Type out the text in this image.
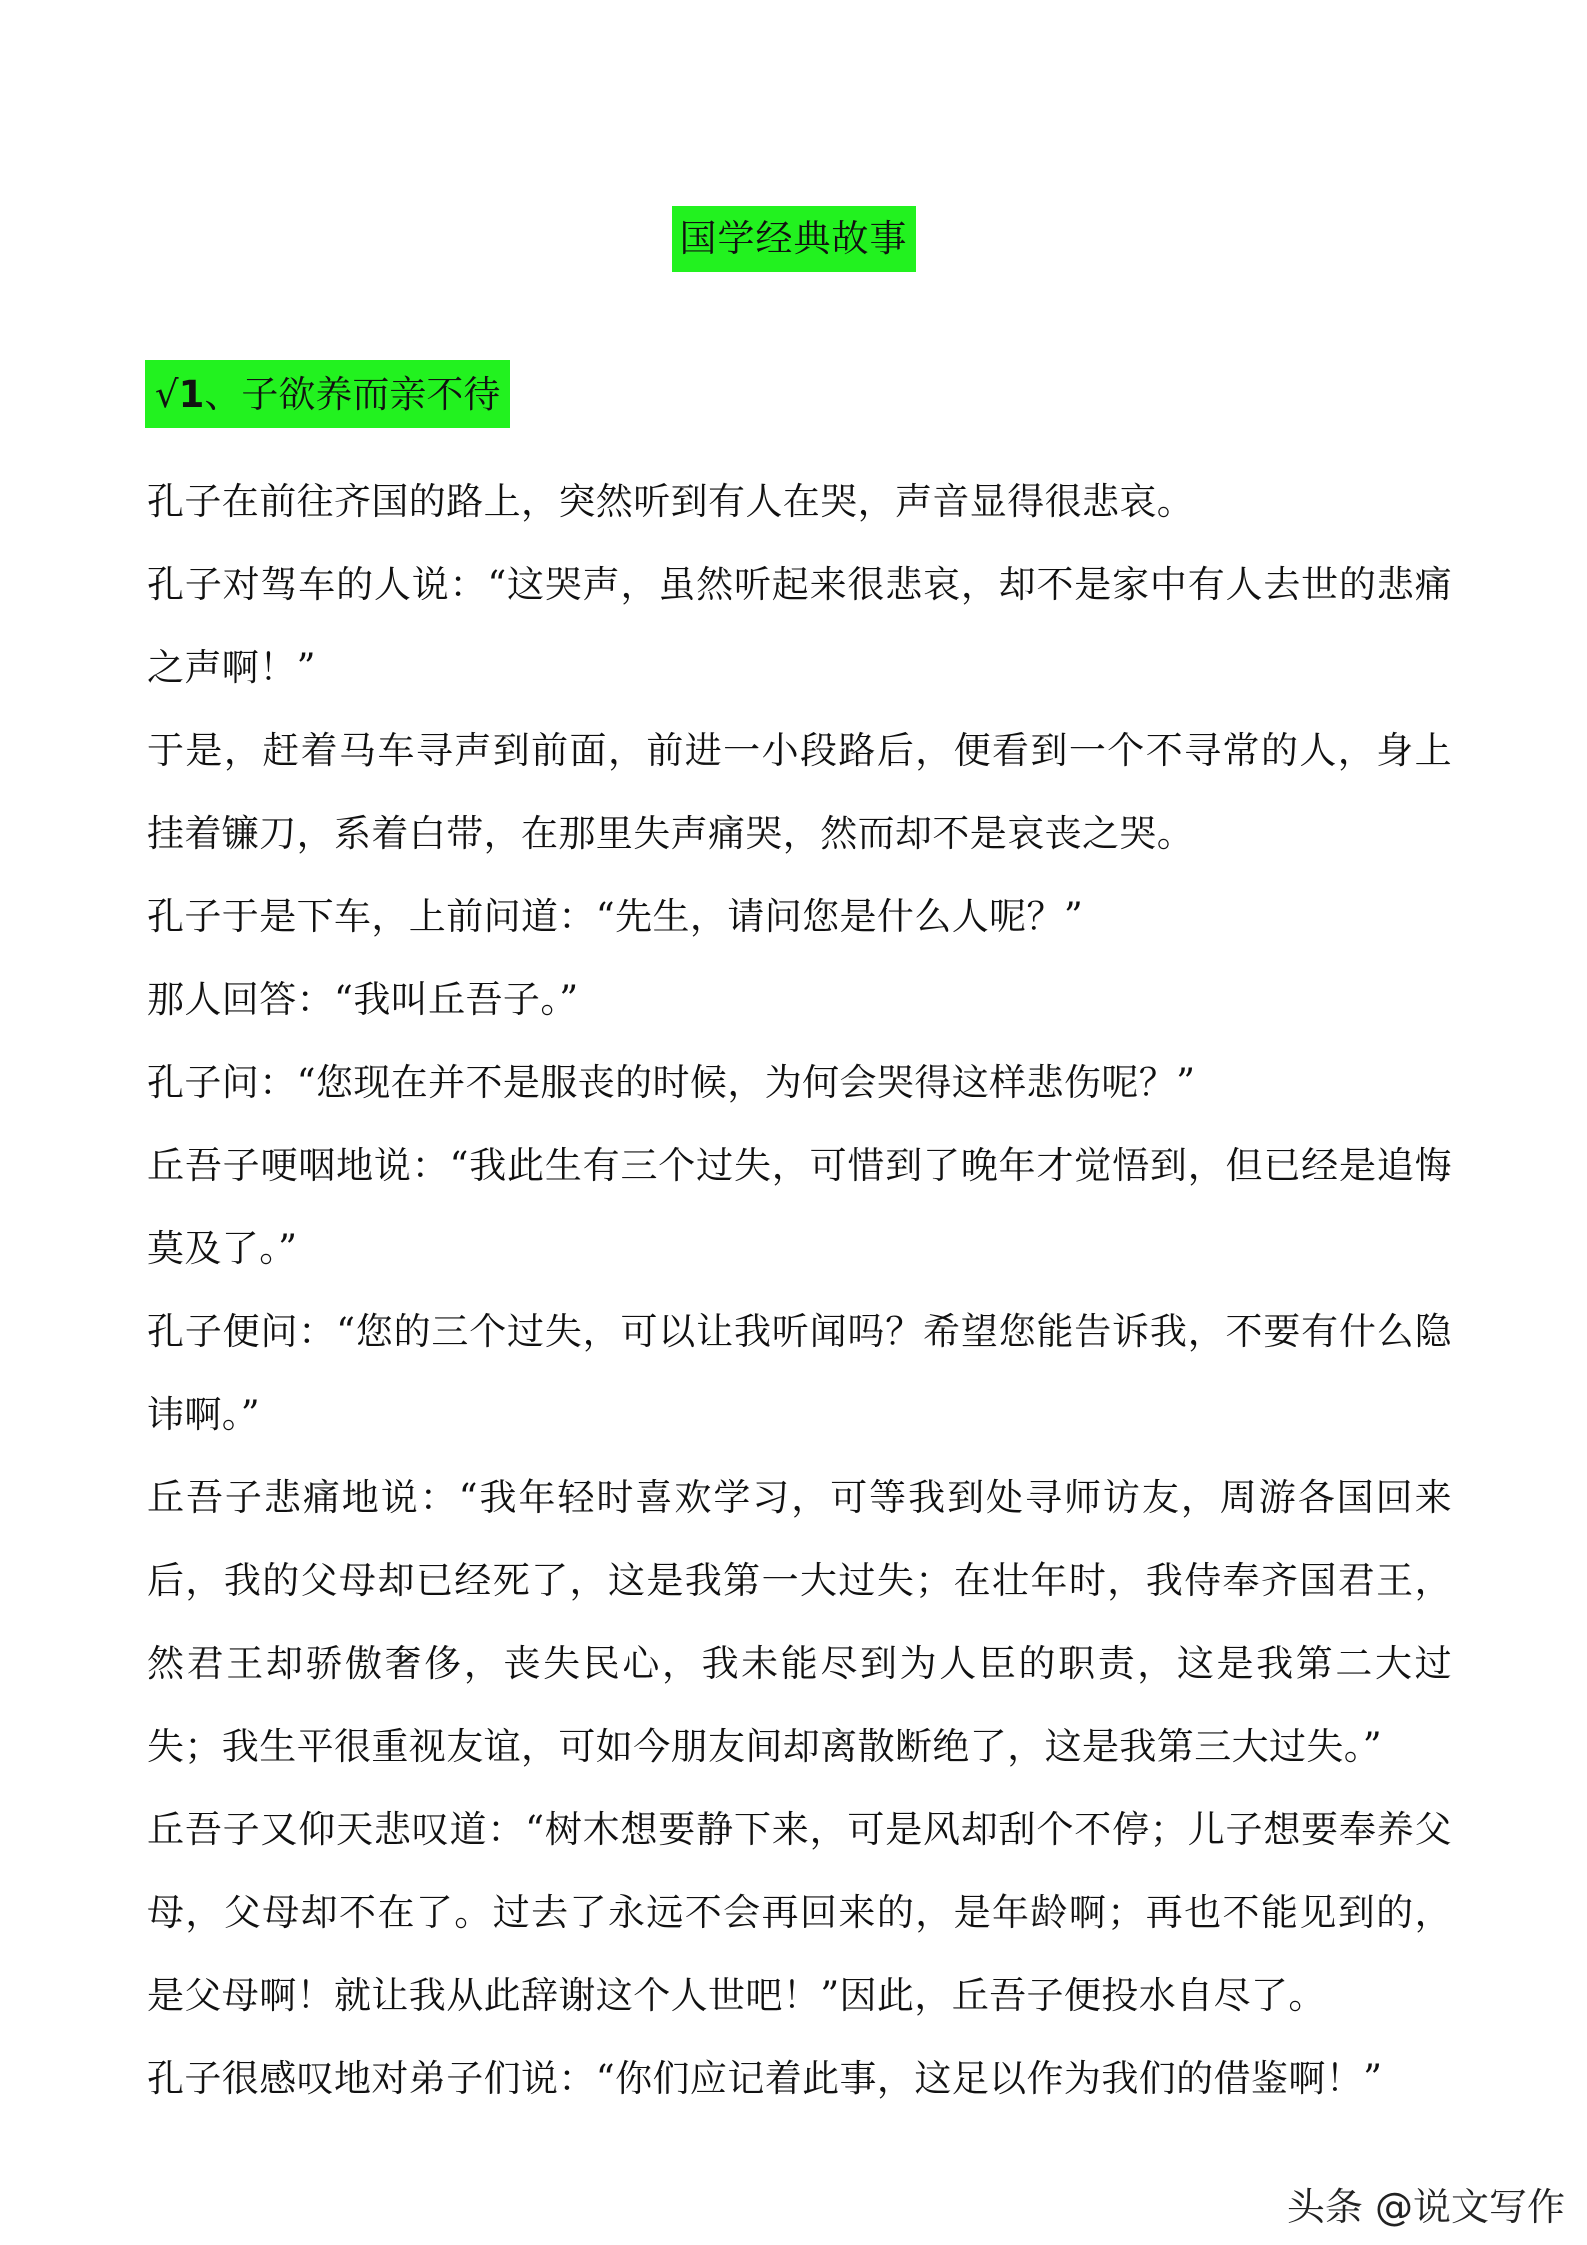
国学经典故事
√1、子欲养而亲不待

孔子在前往齐国的路上，突然听到有人在哭，声音显得很悲哀。

孔子对驾车的人说：“这哭声，虽然听起来很悲哀，却不是家中有人去世的悲痛之声啊！”

于是，赶着马车寻声到前面，前进一小段路后，便看到一个不寻常的人，身上挂着镰刀，系着白带，在那里失声痛哭，然而却不是哀丧之哭。

孔子于是下车，上前问道：“先生，请问您是什么人呢？”

那人回答：“我叫丘吾子。”

孔子问：“您现在并不是服丧的时候，为何会哭得这样悲伤呢？”

丘吾子哽咽地说：“我此生有三个过失，可惜到了晚年才觉悟到，但已经是追悔莫及了。”

孔子便问：“您的三个过失，可以让我听闻吗？希望您能告诉我，不要有什么隐讳啊。”

丘吾子悲痛地说：“我年轻时喜欢学习，可等我到处寻师访友，周游各国回来后，我的父母却已经死了，这是我第一大过失；在壮年时，我侍奉齐国君王，然君王却骄傲奢侈，丧失民心，我未能尽到为人臣的职责，这是我第二大过失；我生平很重视友谊，可如今朋友间却离散断绝了，这是我第三大过失。”

丘吾子又仰天悲叹道：“树木想要静下来，可是风却刮个不停；儿子想要奉养父母，父母却不在了。过去了永远不会再回来的，是年龄啊；再也不能见到的，是父母啊！就让我从此辞谢这个人世吧！”因此，丘吾子便投水自尽了。

孔子很感叹地对弟子们说：“你们应记着此事，这足以作为我们的借鉴啊！”

头条 @说文写作
